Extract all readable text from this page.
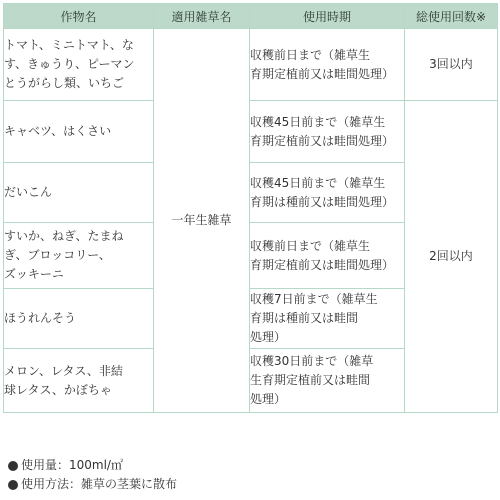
作物名	適用雑草名	使用時期	総使用回数※
トマト、ミニトマト、な
す、きゅうり、ピーマン
とうがらし類、いちご	一年生雑草	収穫前日まで（雑草生
育期定植前又は畦間処理）	3回以内
キャベツ、はくさい		収穫45日前まで（雑草生
育期定植前又は畦間処理）	2回以内
だいこん		収穫45日前まで（雑草生
育期は種前又は畦間処理）	
すいか、ねぎ、たまね
ぎ、ブロッコリー、
ズッキーニ		収穫前日まで（雑草生
育期定植前又は畦間処理）	
ほうれんそう		収穫7日前まで（雑草生
育期は種前又は畦間
処理）	
メロン、レタス、非結
球レタス、かぼちゃ		収穫30日前まで（雑草
生育期定植前又は畦間
処理）	
使用量：100ml/㎡
使用方法：雑草の茎葉に散布
